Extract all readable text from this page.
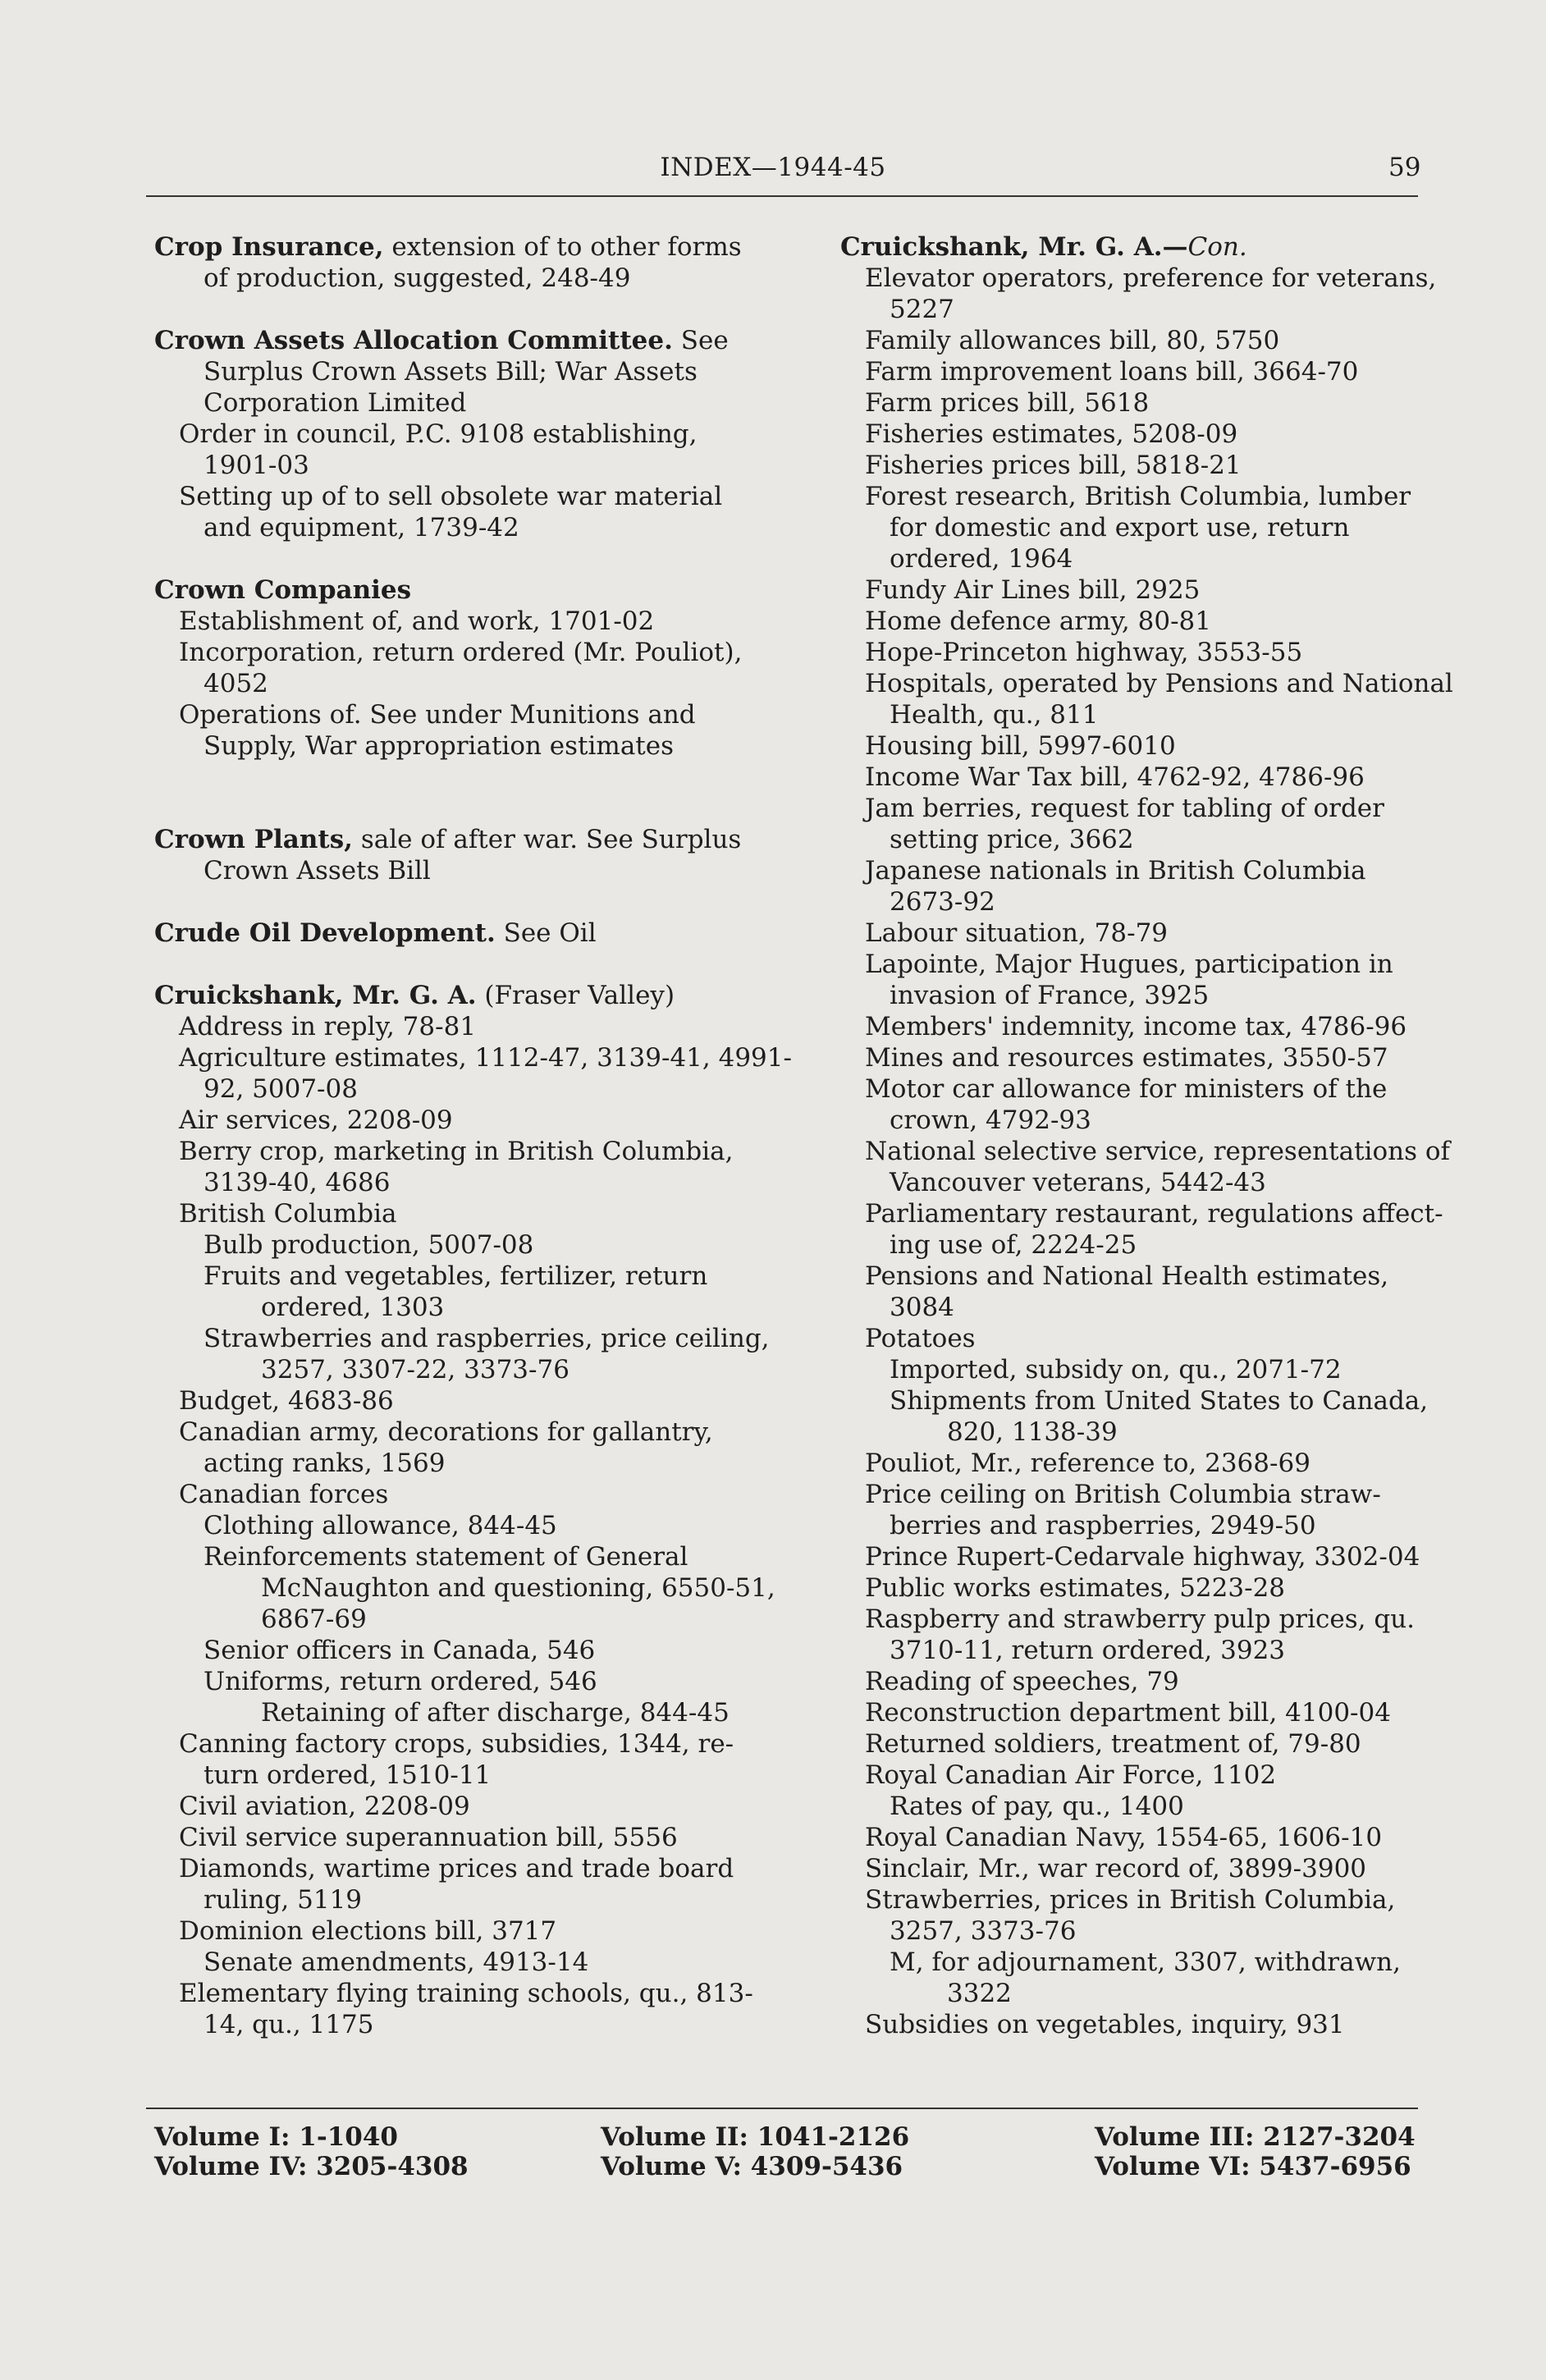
INDEX—1944-45	59
Crop Insurance, extension of to other forms
of production, suggested, 248-49
Crown Assets Allocation Committee. See
Surplus Crown Assets Bill; War Assets
Corporation Limited
Order in council, P.C. 9108 establishing,
1901-03
Setting up of to sell obsolete war material
and equipment, 1739-42
Crown Companies
Establishment of, and work, 1701-02
Incorporation, return ordered (Mr. Pouliot),
4052
Operations of. See under Munitions and
Supply, War appropriation estimates
Crown Plants, sale of after war. See Surplus
Crown Assets Bill
Crude Oil Development. See Oil
Cruickshank, Mr. G. A. (Fraser Valley)
Address in reply, 78-81
Agriculture estimates, 1112-47, 3139-41, 4991-
92, 5007-08
Air services, 2208-09
Berry crop, marketing in British Columbia,
3139-40, 4686
British Columbia
Bulb production, 5007-08
Fruits and vegetables, fertilizer, return
ordered, 1303
Strawberries and raspberries, price ceiling,
3257, 3307-22, 3373-76
Budget, 4683-86
Canadian army, decorations for gallantry,
acting ranks, 1569
Canadian forces
Clothing allowance, 844-45
Reinforcements statement of General
McNaughton and questioning, 6550-51,
6867-69
Senior officers in Canada, 546
Uniforms, return ordered, 546
Retaining of after discharge, 844-45
Canning factory crops, subsidies, 1344, re-
turn ordered, 1510-11
Civil aviation, 2208-09
Civil service superannuation bill, 5556
Diamonds, wartime prices and trade board
ruling, 5119
Dominion elections bill, 3717
Senate amendments, 4913-14
Elementary flying training schools, qu., 813-
14, qu., 1175
Cruickshank, Mr. G. A.—Con.
Elevator operators, preference for veterans,
5227
Family allowances bill, 80, 5750
Farm improvement loans bill, 3664-70
Farm prices bill, 5618
Fisheries estimates, 5208-09
Fisheries prices bill, 5818-21
Forest research, British Columbia, lumber
for domestic and export use, return
ordered, 1964
Fundy Air Lines bill, 2925
Home defence army, 80-81
Hope-Princeton highway, 3553-55
Hospitals, operated by Pensions and National
Health, qu., 811
Housing bill, 5997-6010
Income War Tax bill, 4762-92, 4786-96
Jam berries, request for tabling of order
setting price, 3662
Japanese nationals in British Columbia
2673-92
Labour situation, 78-79
Lapointe, Major Hugues, participation in
invasion of France, 3925
Members' indemnity, income tax, 4786-96
Mines and resources estimates, 3550-57
Motor car allowance for ministers of the
crown, 4792-93
National selective service, representations of
Vancouver veterans, 5442-43
Parliamentary restaurant, regulations affect-
ing use of, 2224-25
Pensions and National Health estimates,
3084
Potatoes
Imported, subsidy on, qu., 2071-72
Shipments from United States to Canada,
820, 1138-39
Pouliot, Mr., reference to, 2368-69
Price ceiling on British Columbia straw-
berries and raspberries, 2949-50
Prince Rupert-Cedarvale highway, 3302-04
Public works estimates, 5223-28
Raspberry and strawberry pulp prices, qu.
3710-11, return ordered, 3923
Reading of speeches, 79
Reconstruction department bill, 4100-04
Returned soldiers, treatment of, 79-80
Royal Canadian Air Force, 1102
Rates of pay, qu., 1400
Royal Canadian Navy, 1554-65, 1606-10
Sinclair, Mr., war record of, 3899-3900
Strawberries, prices in British Columbia,
3257, 3373-76
M, for adjournament, 3307, withdrawn,
3322
Subsidies on vegetables, inquiry, 931
Volume I: 1-1040
Volume IV: 3205-4308
Volume II: 1041-2126
Volume V: 4309-5436
Volume III: 2127-3204
Volume VI: 5437-6956
